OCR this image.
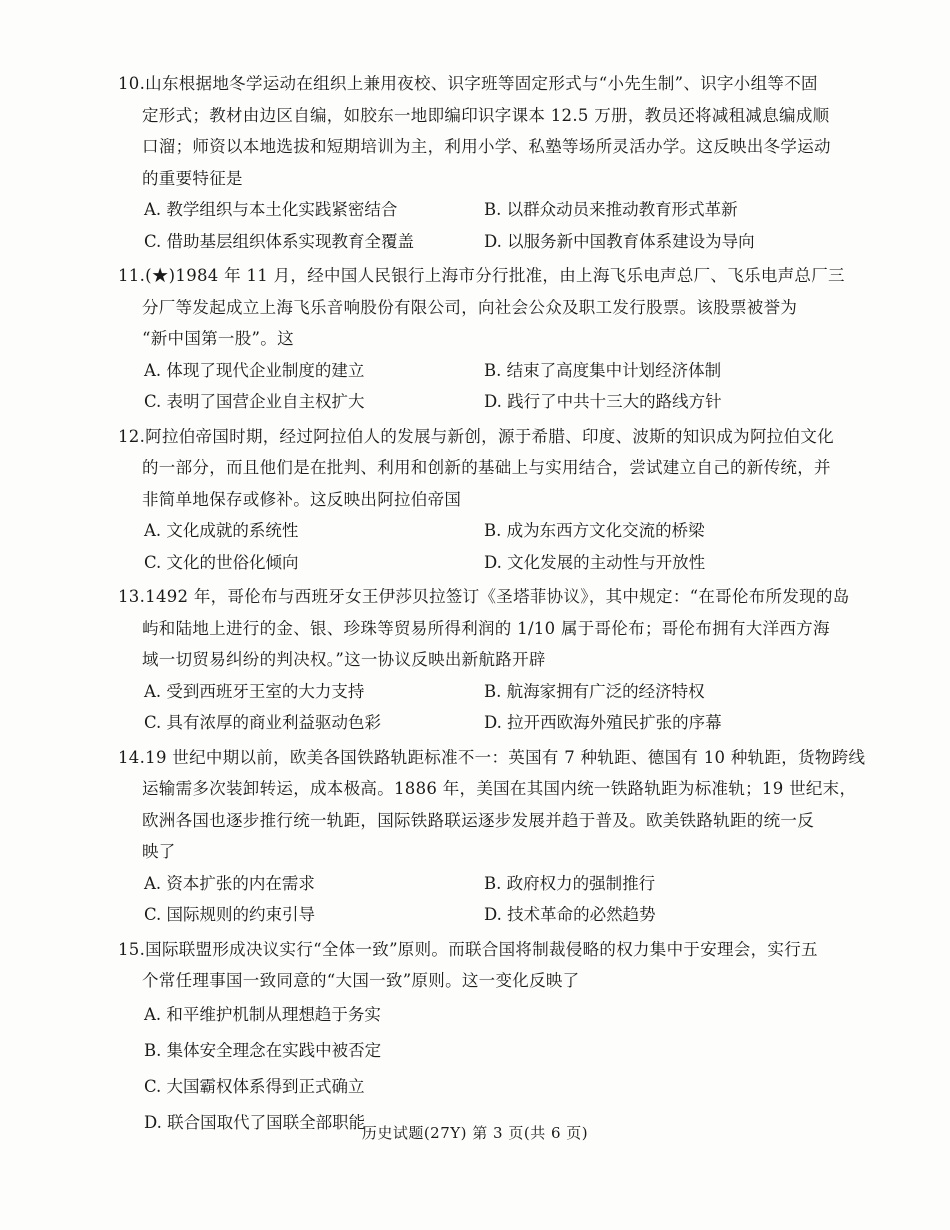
10.山东根据地冬学运动在组织上兼用夜校、识字班等固定形式与“小先生制”、识字小组等不固
定形式；教材由边区自编，如胶东一地即编印识字课本 12.5 万册，教员还将减租减息编成顺
口溜；师资以本地选拔和短期培训为主，利用小学、私塾等场所灵活办学。这反映出冬学运动
的重要特征是
A. 教学组织与本土化实践紧密结合	B. 以群众动员来推动教育形式革新
C. 借助基层组织体系实现教育全覆盖	D. 以服务新中国教育体系建设为导向
11.(★)1984 年 11 月，经中国人民银行上海市分行批准，由上海飞乐电声总厂、飞乐电声总厂三
分厂等发起成立上海飞乐音响股份有限公司，向社会公众及职工发行股票。该股票被誉为
“新中国第一股”。这
A. 体现了现代企业制度的建立	B. 结束了高度集中计划经济体制
C. 表明了国营企业自主权扩大	D. 践行了中共十三大的路线方针
12.阿拉伯帝国时期，经过阿拉伯人的发展与新创，源于希腊、印度、波斯的知识成为阿拉伯文化
的一部分，而且他们是在批判、利用和创新的基础上与实用结合，尝试建立自己的新传统，并
非简单地保存或修补。这反映出阿拉伯帝国
A. 文化成就的系统性	B. 成为东西方文化交流的桥梁
C. 文化的世俗化倾向	D. 文化发展的主动性与开放性
13.1492 年，哥伦布与西班牙女王伊莎贝拉签订《圣塔菲协议》，其中规定：“在哥伦布所发现的岛
屿和陆地上进行的金、银、珍珠等贸易所得利润的 1/10 属于哥伦布；哥伦布拥有大洋西方海
域一切贸易纠纷的判决权。”这一协议反映出新航路开辟
A. 受到西班牙王室的大力支持	B. 航海家拥有广泛的经济特权
C. 具有浓厚的商业利益驱动色彩	D. 拉开西欧海外殖民扩张的序幕
14.19 世纪中期以前，欧美各国铁路轨距标准不一：英国有 7 种轨距、德国有 10 种轨距，货物跨线
运输需多次装卸转运，成本极高。1886 年，美国在其国内统一铁路轨距为标准轨；19 世纪末，
欧洲各国也逐步推行统一轨距，国际铁路联运逐步发展并趋于普及。欧美铁路轨距的统一反
映了
A. 资本扩张的内在需求	B. 政府权力的强制推行
C. 国际规则的约束引导	D. 技术革命的必然趋势
15.国际联盟形成决议实行“全体一致”原则。而联合国将制裁侵略的权力集中于安理会，实行五
个常任理事国一致同意的“大国一致”原则。这一变化反映了
A. 和平维护机制从理想趋于务实
B. 集体安全理念在实践中被否定
C. 大国霸权体系得到正式确立
D. 联合国取代了国联全部职能
历史试题(27Y) 第 3 页(共 6 页)
